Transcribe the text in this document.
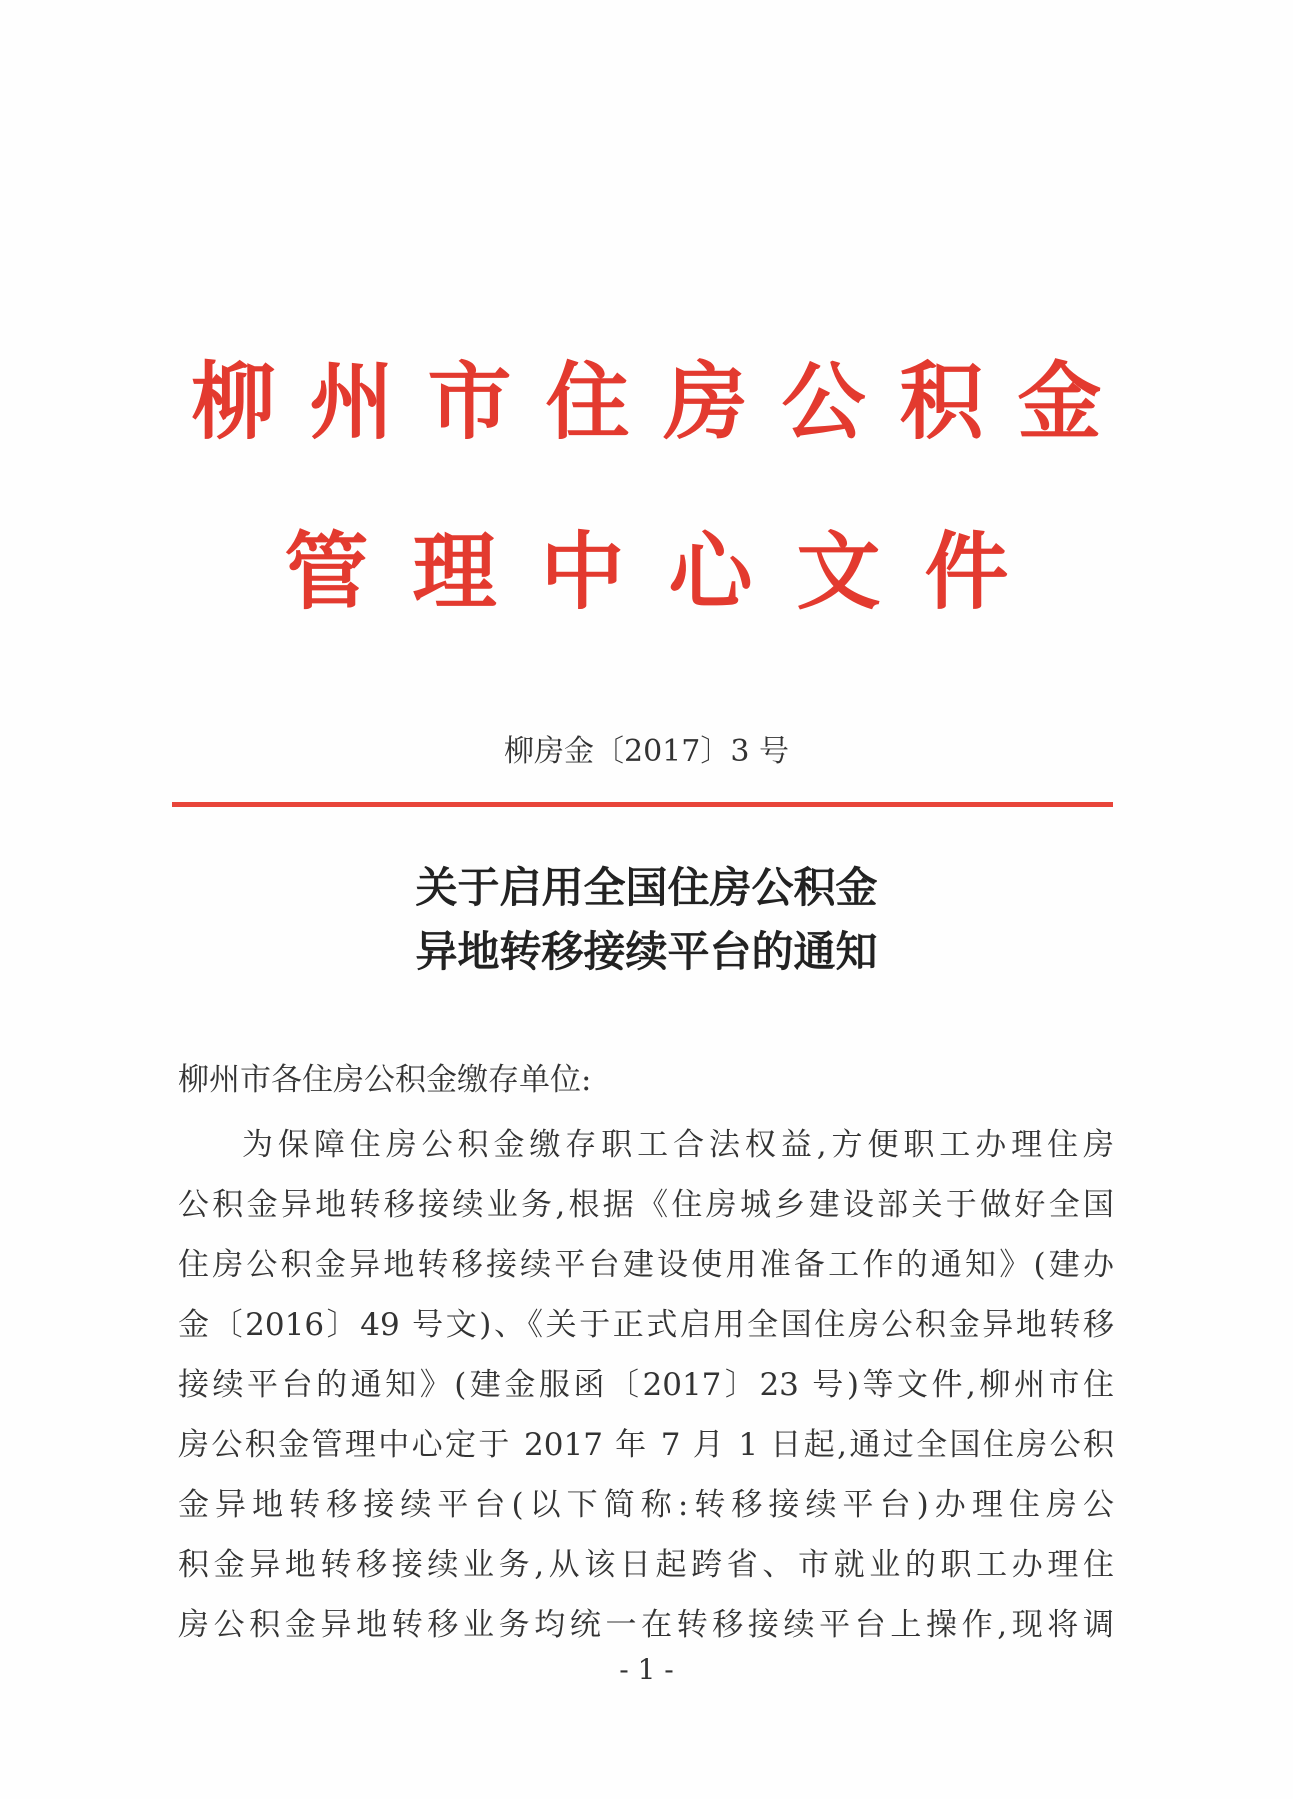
柳州市住房公积金
管理中心文件
柳房金〔2017〕3 号
关于启用全国住房公积金
异地转移接续平台的通知
柳州市各住房公积金缴存单位:
为保障住房公积金缴存职工合法权益,方便职工办理住房
公积金异地转移接续业务,根据《住房城乡建设部关于做好全国
住房公积金异地转移接续平台建设使用准备工作的通知》(建办
金〔2016〕49 号文)、《关于正式启用全国住房公积金异地转移
接续平台的通知》(建金服函〔2017〕23 号)等文件,柳州市住
房公积金管理中心定于 2017 年 7 月 1 日起,通过全国住房公积
金异地转移接续平台(以下简称:转移接续平台)办理住房公
积金异地转移接续业务,从该日起跨省、市就业的职工办理住
房公积金异地转移业务均统一在转移接续平台上操作,现将调
- 1 -
